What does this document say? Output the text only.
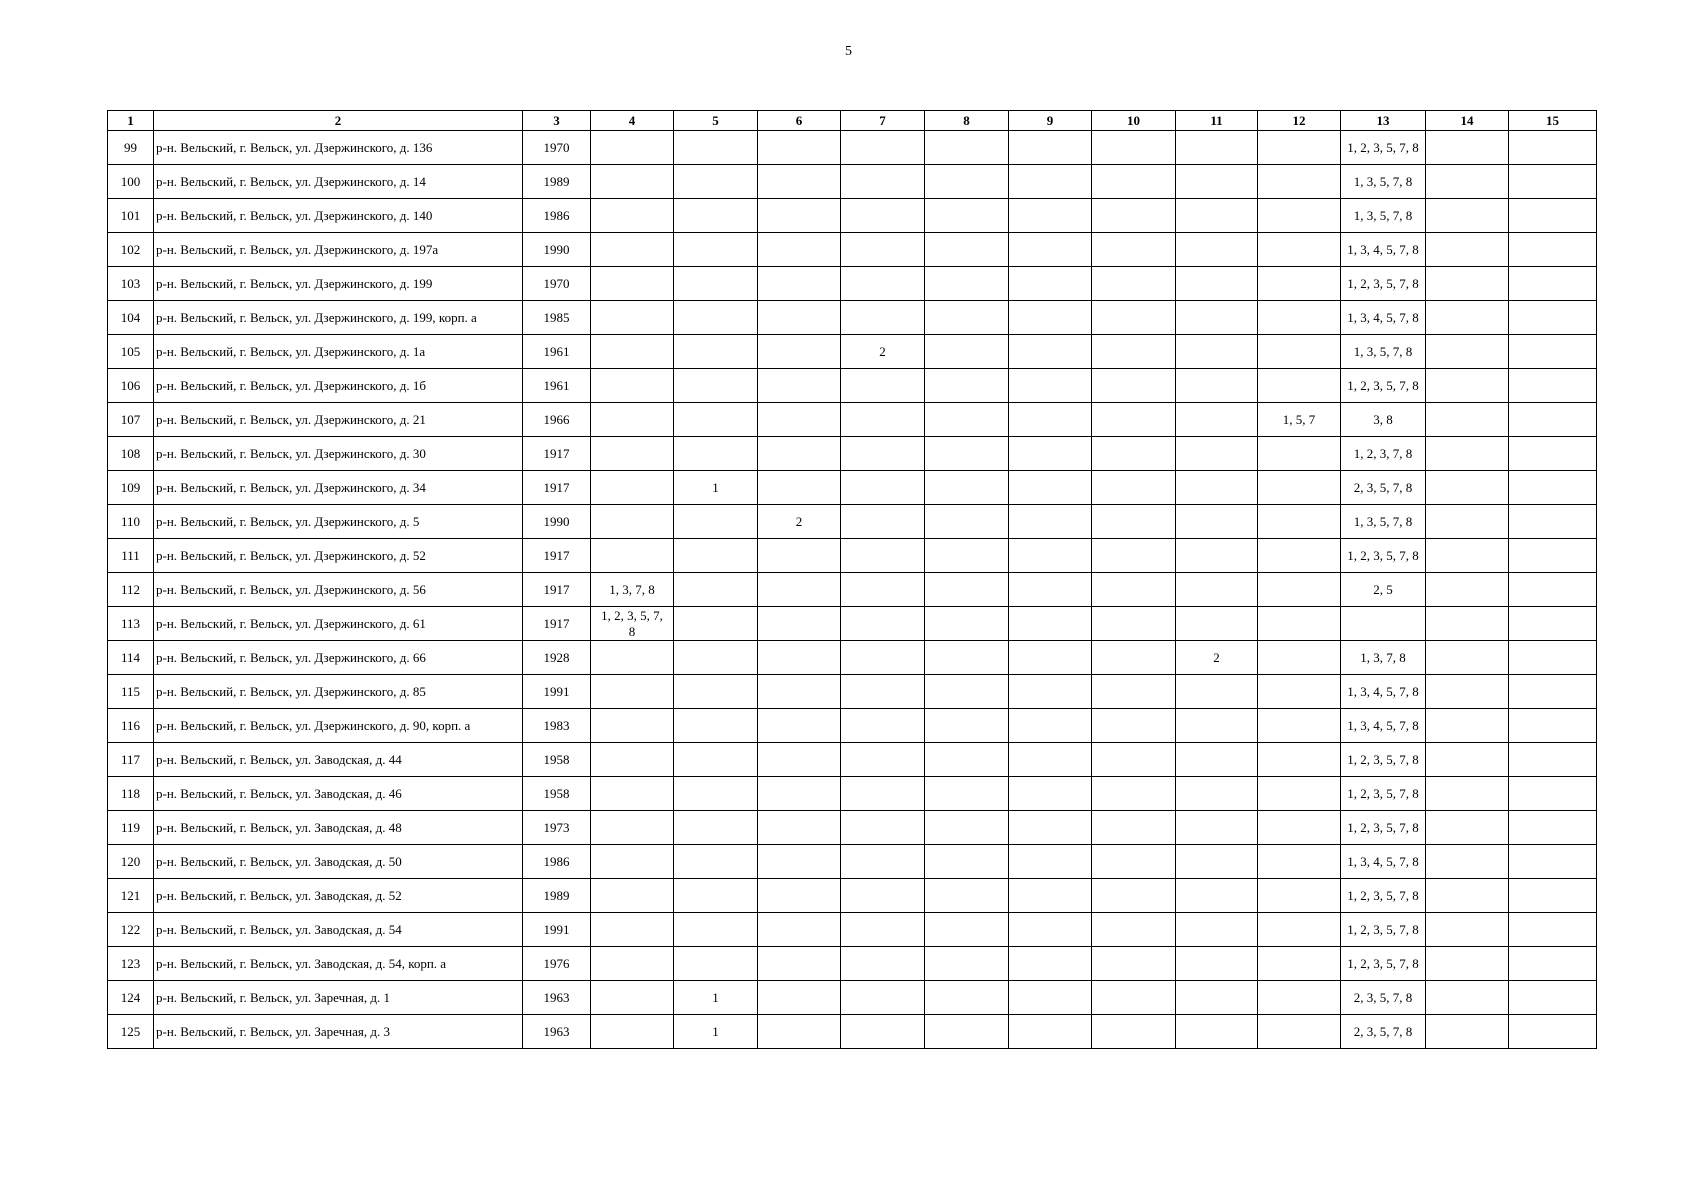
5
1	2	3	4	5	6	7	8	9	10	11	12	13	14	15
99	р-н. Вельский, г. Вельск, ул. Дзержинского, д. 136	1970										1, 2, 3, 5, 7, 8		
100	р-н. Вельский, г. Вельск, ул. Дзержинского, д. 14	1989										1, 3, 5, 7, 8		
101	р-н. Вельский, г. Вельск, ул. Дзержинского, д. 140	1986										1, 3, 5, 7, 8		
102	р-н. Вельский, г. Вельск, ул. Дзержинского, д. 197а	1990										1, 3, 4, 5, 7, 8		
103	р-н. Вельский, г. Вельск, ул. Дзержинского, д. 199	1970										1, 2, 3, 5, 7, 8		
104	р-н. Вельский, г. Вельск, ул. Дзержинского, д. 199, корп. а	1985										1, 3, 4, 5, 7, 8		
105	р-н. Вельский, г. Вельск, ул. Дзержинского, д. 1а	1961				2						1, 3, 5, 7, 8		
106	р-н. Вельский, г. Вельск, ул. Дзержинского, д. 1б	1961										1, 2, 3, 5, 7, 8		
107	р-н. Вельский, г. Вельск, ул. Дзержинского, д. 21	1966									1, 5, 7	3, 8		
108	р-н. Вельский, г. Вельск, ул. Дзержинского, д. 30	1917										1, 2, 3, 7, 8		
109	р-н. Вельский, г. Вельск, ул. Дзержинского, д. 34	1917		1								2, 3, 5, 7, 8		
110	р-н. Вельский, г. Вельск, ул. Дзержинского, д. 5	1990			2							1, 3, 5, 7, 8		
111	р-н. Вельский, г. Вельск, ул. Дзержинского, д. 52	1917										1, 2, 3, 5, 7, 8		
112	р-н. Вельский, г. Вельск, ул. Дзержинского, д. 56	1917	1, 3, 7, 8									2, 5		
113	р-н. Вельский, г. Вельск, ул. Дзержинского, д. 61	1917	1, 2, 3, 5, 7, 8											
114	р-н. Вельский, г. Вельск, ул. Дзержинского, д. 66	1928								2		1, 3, 7, 8		
115	р-н. Вельский, г. Вельск, ул. Дзержинского, д. 85	1991										1, 3, 4, 5, 7, 8		
116	р-н. Вельский, г. Вельск, ул. Дзержинского, д. 90, корп. а	1983										1, 3, 4, 5, 7, 8		
117	р-н. Вельский, г. Вельск, ул. Заводская, д. 44	1958										1, 2, 3, 5, 7, 8		
118	р-н. Вельский, г. Вельск, ул. Заводская, д. 46	1958										1, 2, 3, 5, 7, 8		
119	р-н. Вельский, г. Вельск, ул. Заводская, д. 48	1973										1, 2, 3, 5, 7, 8		
120	р-н. Вельский, г. Вельск, ул. Заводская, д. 50	1986										1, 3, 4, 5, 7, 8		
121	р-н. Вельский, г. Вельск, ул. Заводская, д. 52	1989										1, 2, 3, 5, 7, 8		
122	р-н. Вельский, г. Вельск, ул. Заводская, д. 54	1991										1, 2, 3, 5, 7, 8		
123	р-н. Вельский, г. Вельск, ул. Заводская, д. 54, корп. а	1976										1, 2, 3, 5, 7, 8		
124	р-н. Вельский, г. Вельск, ул. Заречная, д. 1	1963		1								2, 3, 5, 7, 8		
125	р-н. Вельский, г. Вельск, ул. Заречная, д. 3	1963		1								2, 3, 5, 7, 8		
